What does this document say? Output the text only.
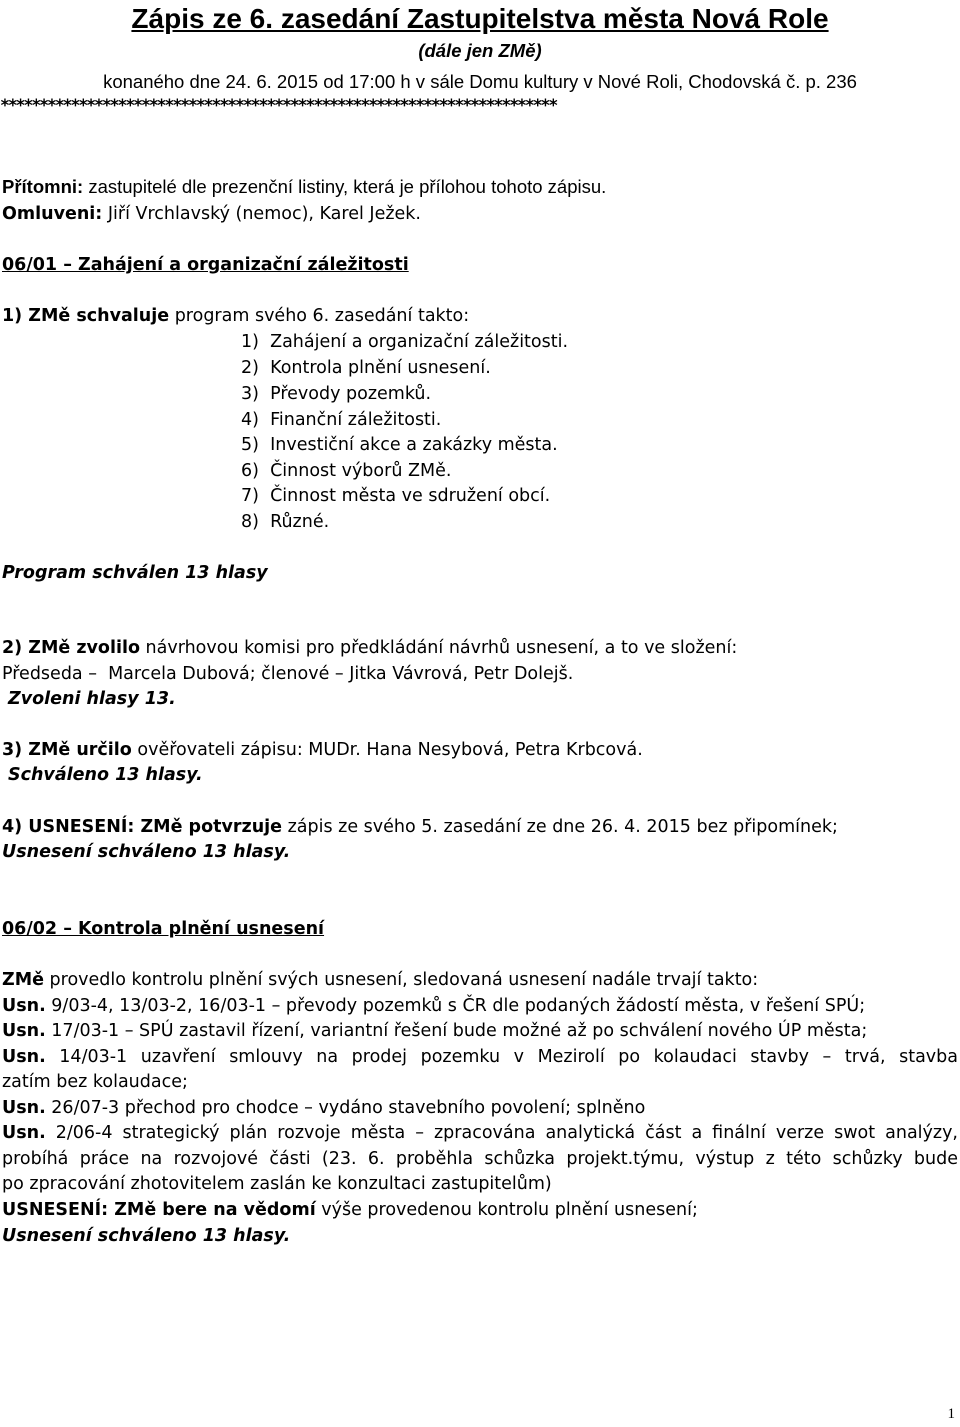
Zápis ze 6. zasedání Zastupitelstva města Nová Role
(dále jen ZMě)
konaného dne 24. 6. 2015 od 17:00 h v sále Domu kultury v Nové Roli, Chodovská č. p. 236
***********************************************************************
Přítomni: zastupitelé dle prezenční listiny, která je přílohou tohoto zápisu.
Omluveni: Jiří Vrchlavský (nemoc), Karel Ježek.
06/01 – Zahájení a organizační záležitosti
1) ZMě schvaluje program svého 6. zasedání takto:
1)  Zahájení a organizační záležitosti.
2)  Kontrola plnění usnesení.
3)  Převody pozemků.
4)  Finanční záležitosti.
5)  Investiční akce a zakázky města.
6)  Činnost výborů ZMě.
7)  Činnost města ve sdružení obcí.
8)  Různé.
Program schválen 13 hlasy
2) ZMě zvolilo návrhovou komisi pro předkládání návrhů usnesení, a to ve složení:
Předseda –  Marcela Dubová; členové – Jitka Vávrová, Petr Dolejš.
Zvoleni hlasy 13.
3) ZMě určilo ověřovateli zápisu: MUDr. Hana Nesybová, Petra Krbcová.
Schváleno 13 hlasy.
4) USNESENÍ: ZMě potvrzuje zápis ze svého 5. zasedání ze dne 26. 4. 2015 bez připomínek;
Usnesení schváleno 13 hlasy.
06/02 – Kontrola plnění usnesení
ZMě provedlo kontrolu plnění svých usnesení, sledovaná usnesení nadále trvají takto:
Usn. 9/03-4, 13/03-2, 16/03-1 – převody pozemků s ČR dle podaných žádostí města, v řešení SPÚ;
Usn. 17/03-1 – SPÚ zastavil řízení, variantní řešení bude možné až po schválení nového ÚP města;
Usn. 14/03-1 uzavření smlouvy na prodej pozemku v Mezirolí po kolaudaci stavby – trvá, stavba
zatím bez kolaudace;
Usn. 26/07-3 přechod pro chodce – vydáno stavebního povolení; splněno
Usn. 2/06-4 strategický plán rozvoje města – zpracována analytická část a finální verze swot analýzy,
probíhá práce na rozvojové části (23. 6. proběhla schůzka projekt.týmu, výstup z této schůzky bude
po zpracování zhotovitelem zaslán ke konzultaci zastupitelům)
USNESENÍ: ZMě bere na vědomí výše provedenou kontrolu plnění usnesení;
Usnesení schváleno 13 hlasy.
1
